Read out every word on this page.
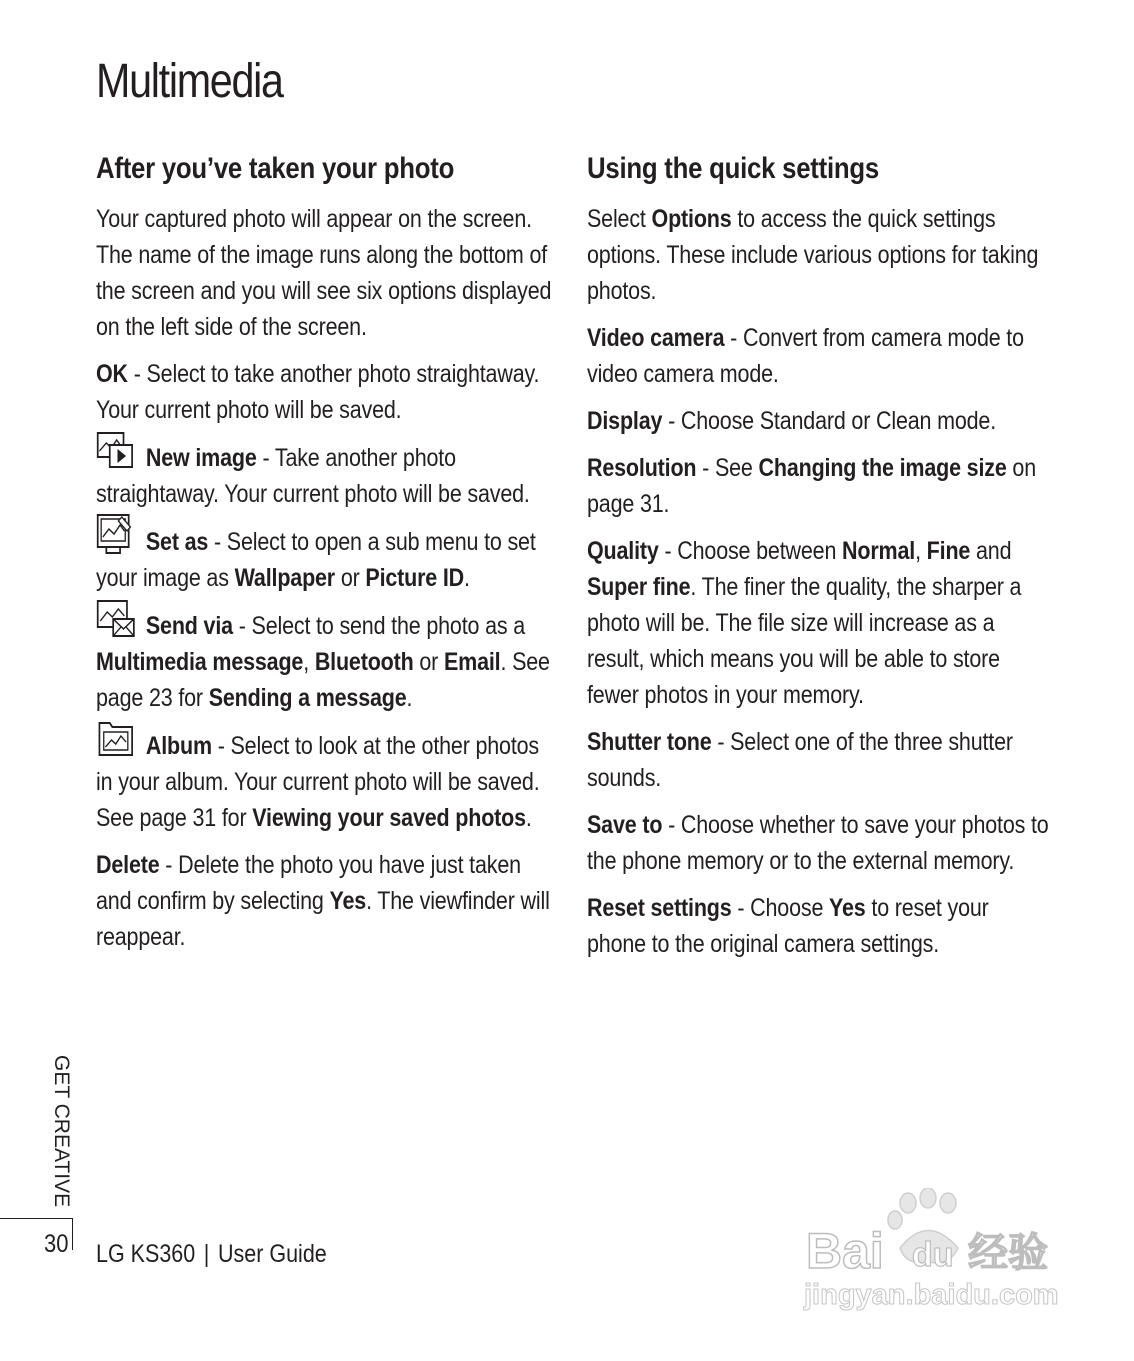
Multimedia
After you’ve taken your photo

Your captured photo will appear on the screen. The name of the image runs along the bottom of the screen and you will see six options displayed on the left side of the screen.

OK - Select to take another photo straightaway. Your current photo will be saved.

New image - Take another photo straightaway. Your current photo will be saved.

Set as - Select to open a sub menu to set your image as Wallpaper or Picture ID.

Send via - Select to send the photo as a Multimedia message, Bluetooth or Email. See page 23 for Sending a message.

Album - Select to look at the other photos in your album. Your current photo will be saved. See page 31 for Viewing your saved photos.

Delete - Delete the photo you have just taken and confirm by selecting Yes. The viewfinder will reappear.

Using the quick settings

Select Options to access the quick settings options. These include various options for taking photos.

Video camera - Convert from camera mode to video camera mode.

Display - Choose Standard or Clean mode.

Resolution - See Changing the image size on page 31.

Quality - Choose between Normal, Fine and Super fine. The finer the quality, the sharper a photo will be. The file size will increase as a result, which means you will be able to store fewer photos in your memory.

Shutter tone - Select one of the three shutter sounds.

Save to - Choose whether to save your photos to the phone memory or to the external memory.

Reset settings - Choose Yes to reset your phone to the original camera settings.

GET CREATIVE
30 LG KS360 | User Guide	Bai du 经验
jingyan.baidu.com
